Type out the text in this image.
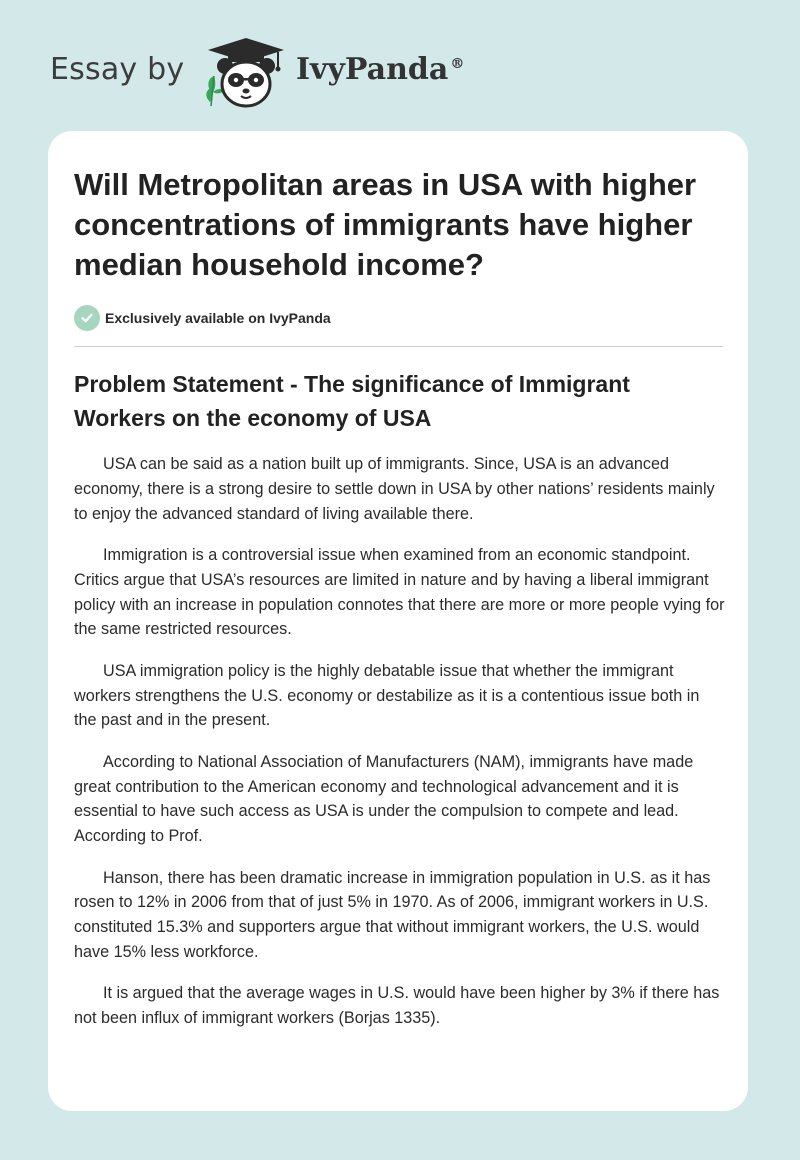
Essay by	IvyPanda ®
Will Metropolitan areas in USA with higher concentrations of immigrants have higher median household income?
Exclusively available on IvyPanda
Problem Statement - The significance of Immigrant Workers on the economy of USA

USA can be said as a nation built up of immigrants. Since, USA is an advanced economy, there is a strong desire to settle down in USA by other nations’ residents mainly to enjoy the advanced standard of living available there.

Immigration is a controversial issue when examined from an economic standpoint. Critics argue that USA’s resources are limited in nature and by having a liberal immigrant policy with an increase in population connotes that there are more or more people vying for the same restricted resources.

USA immigration policy is the highly debatable issue that whether the immigrant workers strengthens the U.S. economy or destabilize as it is a contentious issue both in the past and in the present.

According to National Association of Manufacturers (NAM), immigrants have made great contribution to the American economy and technological advancement and it is essential to have such access as USA is under the compulsion to compete and lead. According to Prof.

Hanson, there has been dramatic increase in immigration population in U.S. as it has rosen to 12% in 2006 from that of just 5% in 1970. As of 2006, immigrant workers in U.S. constituted 15.3% and supporters argue that without immigrant workers, the U.S. would have 15% less workforce.

It is argued that the average wages in U.S. would have been higher by 3% if there has not been influx of immigrant workers (Borjas 1335).
